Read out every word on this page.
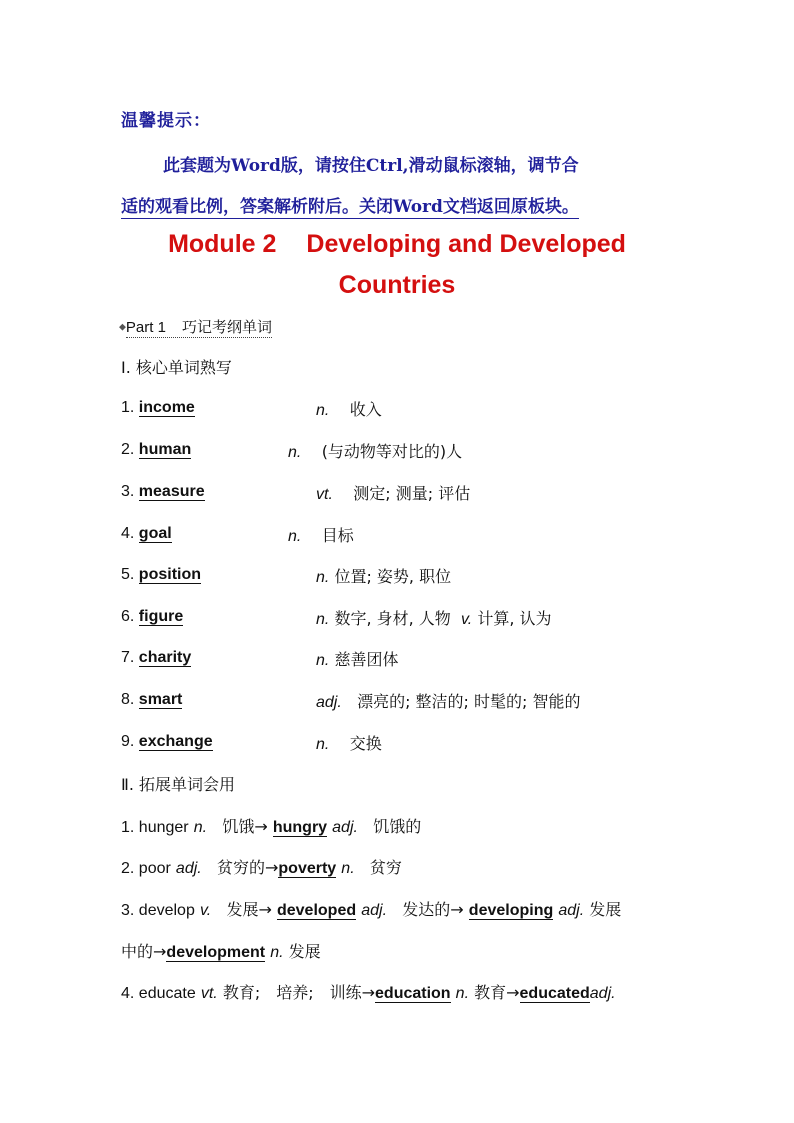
温馨提示：
此套题为Word版，请按住Ctrl,滑动鼠标滚轴，调节合
适的观看比例，答案解析附后。关闭Word文档返回原板块。
Module 2 Developing and Developed
Countries
◆Part 1 巧记考纲单词
Ⅰ. 核心单词熟写
1. income	n. 收入
2. human	n. (与动物等对比的)人
3. measure	vt. 测定; 测量; 评估
4. goal	n. 目标
5. position	n. 位置; 姿势, 职位
6. figure	n. 数字, 身材, 人物 v. 计算, 认为
7. charity	n. 慈善团体
8. smart	adj. 漂亮的; 整洁的; 时髦的; 智能的
9. exchange	n. 交换
Ⅱ. 拓展单词会用
1. hunger n. 饥饿→ hungry adj. 饥饿的
2. poor adj. 贫穷的→poverty n. 贫穷
3. develop v. 发展→ developed adj. 发达的→ developing adj. 发展
中的→development n. 发展
4. educate vt. 教育;　培养;　训练→education n. 教育→educatedadj.
